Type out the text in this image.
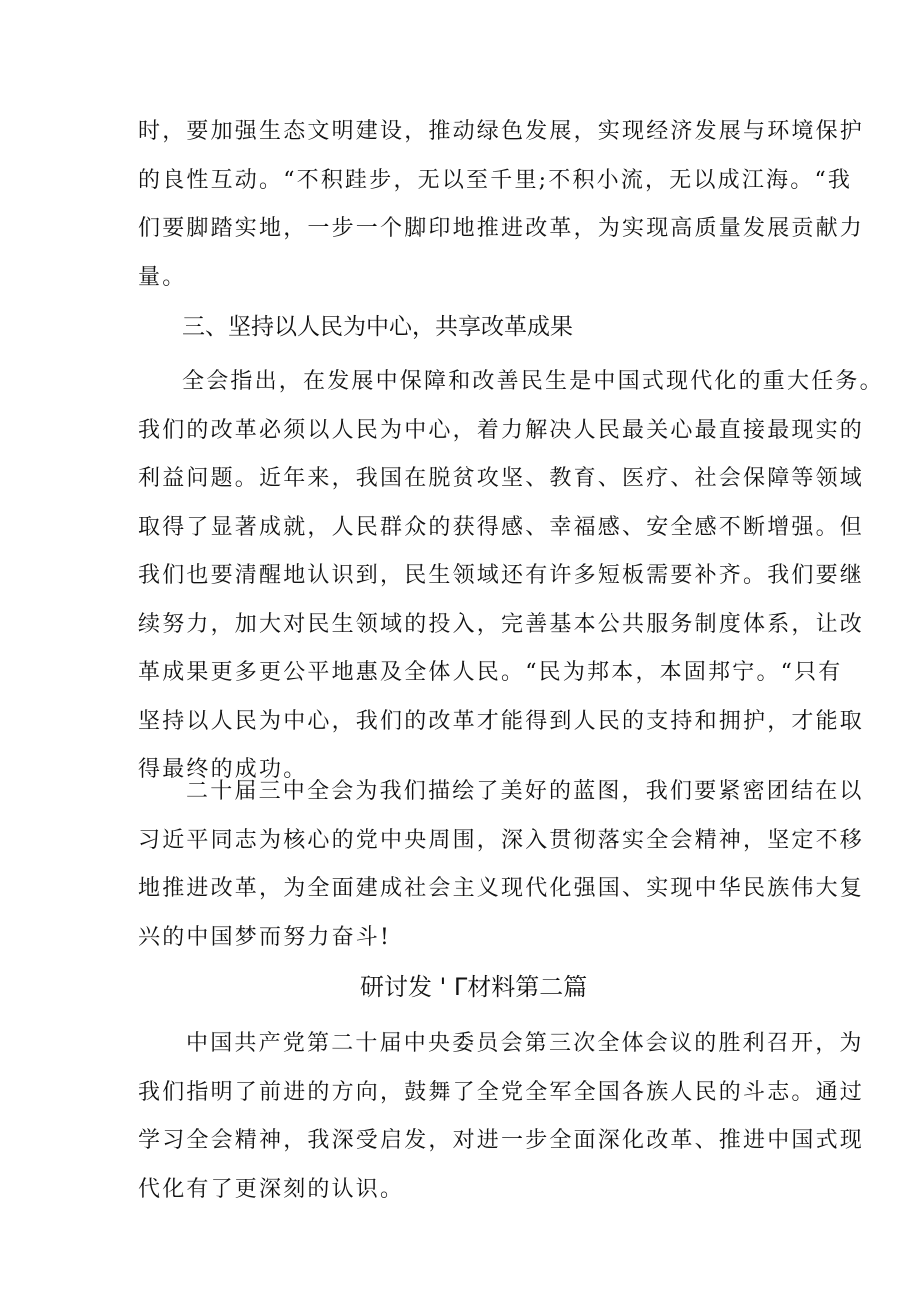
时，要加强生态文明建设，推动绿色发展，实现经济发展与环境保护
的良性互动。“不积跬步，无以至千里;不积小流，无以成江海。“我
们要脚踏实地，一步一个脚印地推进改革，为实现高质量发展贡献力
量。
三、坚持以人民为中心，共享改革成果
全会指出，在发展中保障和改善民生是中国式现代化的重大任务。
我们的改革必须以人民为中心，着力解决人民最关心最直接最现实的
利益问题。近年来，我国在脱贫攻坚、教育、医疗、社会保障等领域
取得了显著成就，人民群众的获得感、幸福感、安全感不断增强。但
我们也要清醒地认识到，民生领域还有许多短板需要补齐。我们要继
续努力，加大对民生领域的投入，完善基本公共服务制度体系，让改
革成果更多更公平地惠及全体人民。“民为邦本，本固邦宁。“只有
坚持以人民为中心，我们的改革才能得到人民的支持和拥护，才能取
得最终的成功。
二十届三中全会为我们描绘了美好的蓝图，我们要紧密团结在以
习近平同志为核心的党中央周围，深入贯彻落实全会精神，坚定不移
地推进改革，为全面建成社会主义现代化强国、实现中华民族伟大复
兴的中国梦而努力奋斗!
研讨发 ' Γ材料第二篇
中国共产党第二十届中央委员会第三次全体会议的胜利召开，为
我们指明了前进的方向，鼓舞了全党全军全国各族人民的斗志。通过
学习全会精神，我深受启发，对进一步全面深化改革、推进中国式现
代化有了更深刻的认识。
